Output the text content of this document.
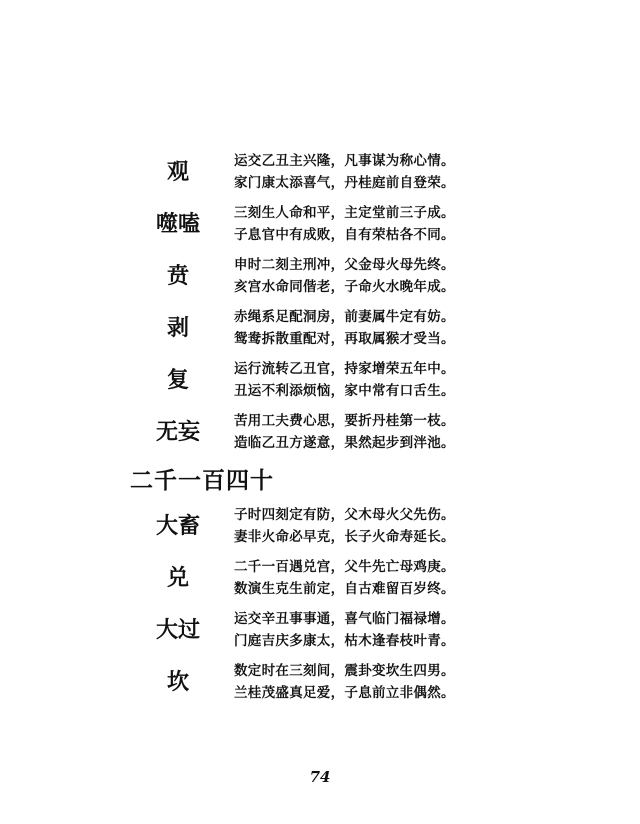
观	运交乙丑主兴隆，凡事谋为称心情。
家门康太添喜气，丹桂庭前自登荣。
噬嗑	三刻生人命和平，主定堂前三子成。
子息官中有成败，自有荣枯各不同。
贲	申时二刻主刑冲，父金母火母先终。
亥宫水命同偕老，子命火水晚年成。
剥	赤绳系足配洞房，前妻属牛定有妨。
鸳鸯拆散重配对，再取属猴才受当。
复	运行流转乙丑官，持家增荣五年中。
丑运不利添烦恼，家中常有口舌生。
无妄	苦用工夫费心思，要折丹桂第一枝。
造临乙丑方遂意，果然起步到泮池。
二千一百四十
大畜	子时四刻定有防，父木母火父先伤。
妻非火命必早克，长子火命寿延长。
兑	二千一百遇兑宫，父牛先亡母鸡庚。
数演生克生前定，自古难留百岁终。
大过	运交辛丑事事通，喜气临门福禄增。
门庭吉庆多康太，枯木逢春枝叶青。
坎	数定时在三刻间，震卦变坎生四男。
兰桂茂盛真足爱，子息前立非偶然。
74
